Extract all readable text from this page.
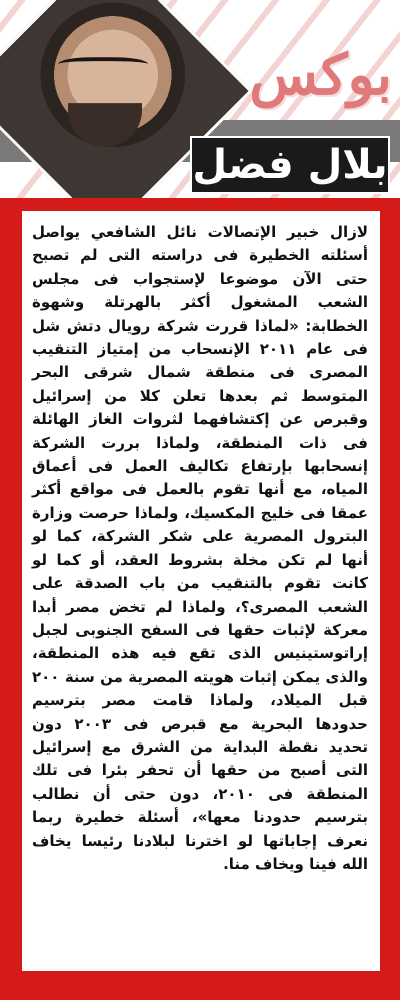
بوكس
بلال فضل

لازال خبير الإتصالات نائل الشافعي يواصل أسئلته الخطيرة فى دراسته التى لم تصبح حتى الآن موضوعا لإستجواب فى مجلس الشعب المشغول أكثر بالهرتلة وشهوة الخطابة: «لماذا قررت شركة رويال دتش شل فى عام ٢٠١١ الإنسحاب من إمتياز التنقيب المصرى فى منطقة شمال شرقى البحر المتوسط ثم بعدها تعلن كلا من إسرائيل وقبرص عن إكتشافهما لثروات الغاز الهائلة فى ذات المنطقة، ولماذا بررت الشركة إنسحابها بإرتفاع تكاليف العمل فى أعماق المياه، مع أنها تقوم بالعمل فى مواقع أكثر عمقا فى خليج المكسيك، ولماذا حرصت وزارة البترول المصرية على شكر الشركة، كما لو أنها لم تكن مخلة بشروط العقد، أو كما لو كانت تقوم بالتنقيب من باب الصدقة على الشعب المصرى؟، ولماذا لم تخض مصر أبدا معركة لإثبات حقها فى السفح الجنوبى لجبل إراتوستينيس الذى تقع فيه هذه المنطقة، والذى يمكن إثبات هويته المصرية من سنة ٢٠٠ قبل الميلاد، ولماذا قامت مصر بترسيم حدودها البحرية مع قبرص فى ٢٠٠٣ دون تحديد نقطة البداية من الشرق مع إسرائيل التى أصبح من حقها أن تحفر بئرا فى تلك المنطقة فى ٢٠١٠، دون حتى أن نطالب بترسيم حدودنا معها»، أسئلة خطيرة ربما نعرف إجاباتها لو اخترنا لبلادنا رئيسا يخاف الله فينا ويخاف منا.
